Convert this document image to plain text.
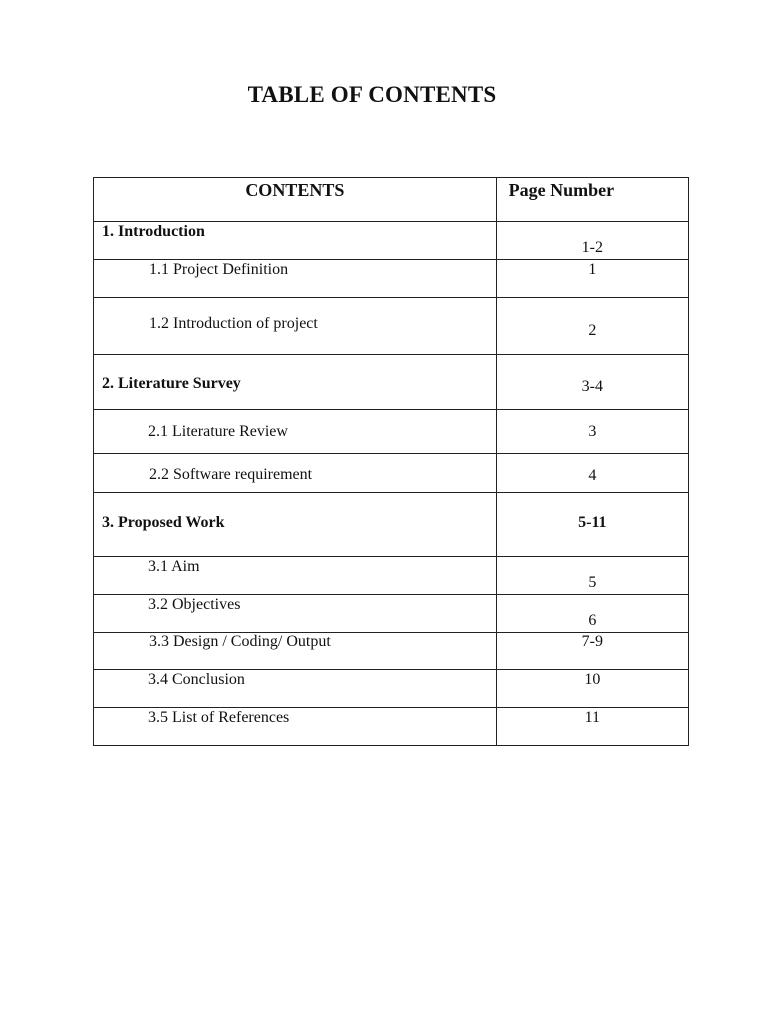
TABLE OF CONTENTS
CONTENTS	Page Number

1. Introduction	1-2

1.1 Project Definition	1

1.2 Introduction of project	2

2. Literature Survey	3-4

2.1 Literature Review	3

2.2 Software requirement	4

3. Proposed Work	5-11

3.1 Aim	5

3.2 Objectives	6

3.3 Design / Coding/ Output	7-9

3.4 Conclusion	10

3.5 List of References	11
